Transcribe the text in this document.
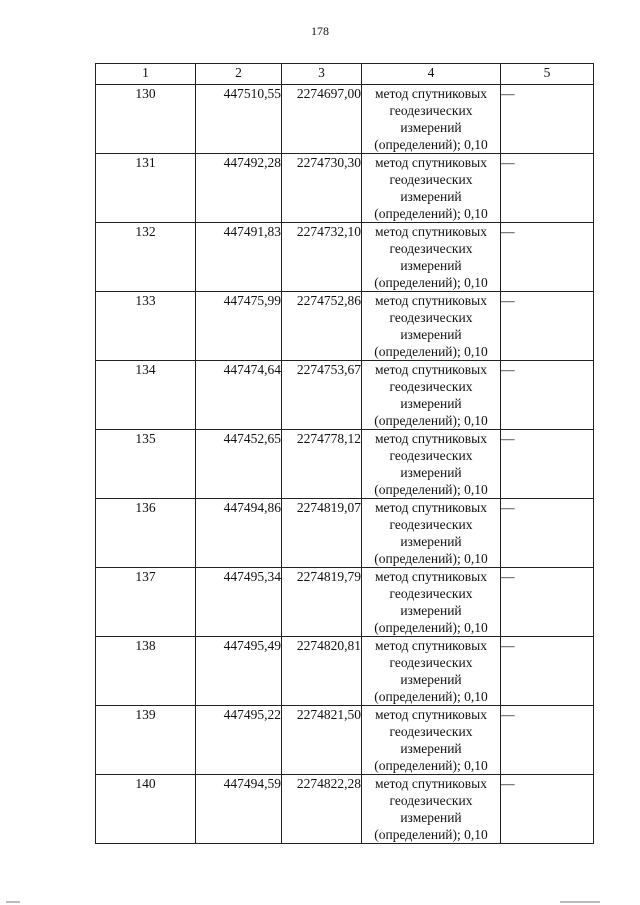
178
1	2	3	4	5
130	447510,55	2274697,00	метод спутниковых геодезических измерений (определений); 0,10	—
131	447492,28	2274730,30	метод спутниковых геодезических измерений (определений); 0,10	—
132	447491,83	2274732,10	метод спутниковых геодезических измерений (определений); 0,10	—
133	447475,99	2274752,86	метод спутниковых геодезических измерений (определений); 0,10	—
134	447474,64	2274753,67	метод спутниковых геодезических измерений (определений); 0,10	—
135	447452,65	2274778,12	метод спутниковых геодезических измерений (определений); 0,10	—
136	447494,86	2274819,07	метод спутниковых геодезических измерений (определений); 0,10	—
137	447495,34	2274819,79	метод спутниковых геодезических измерений (определений); 0,10	—
138	447495,49	2274820,81	метод спутниковых геодезических измерений (определений); 0,10	—
139	447495,22	2274821,50	метод спутниковых геодезических измерений (определений); 0,10	—
140	447494,59	2274822,28	метод спутниковых геодезических измерений (определений); 0,10	—
